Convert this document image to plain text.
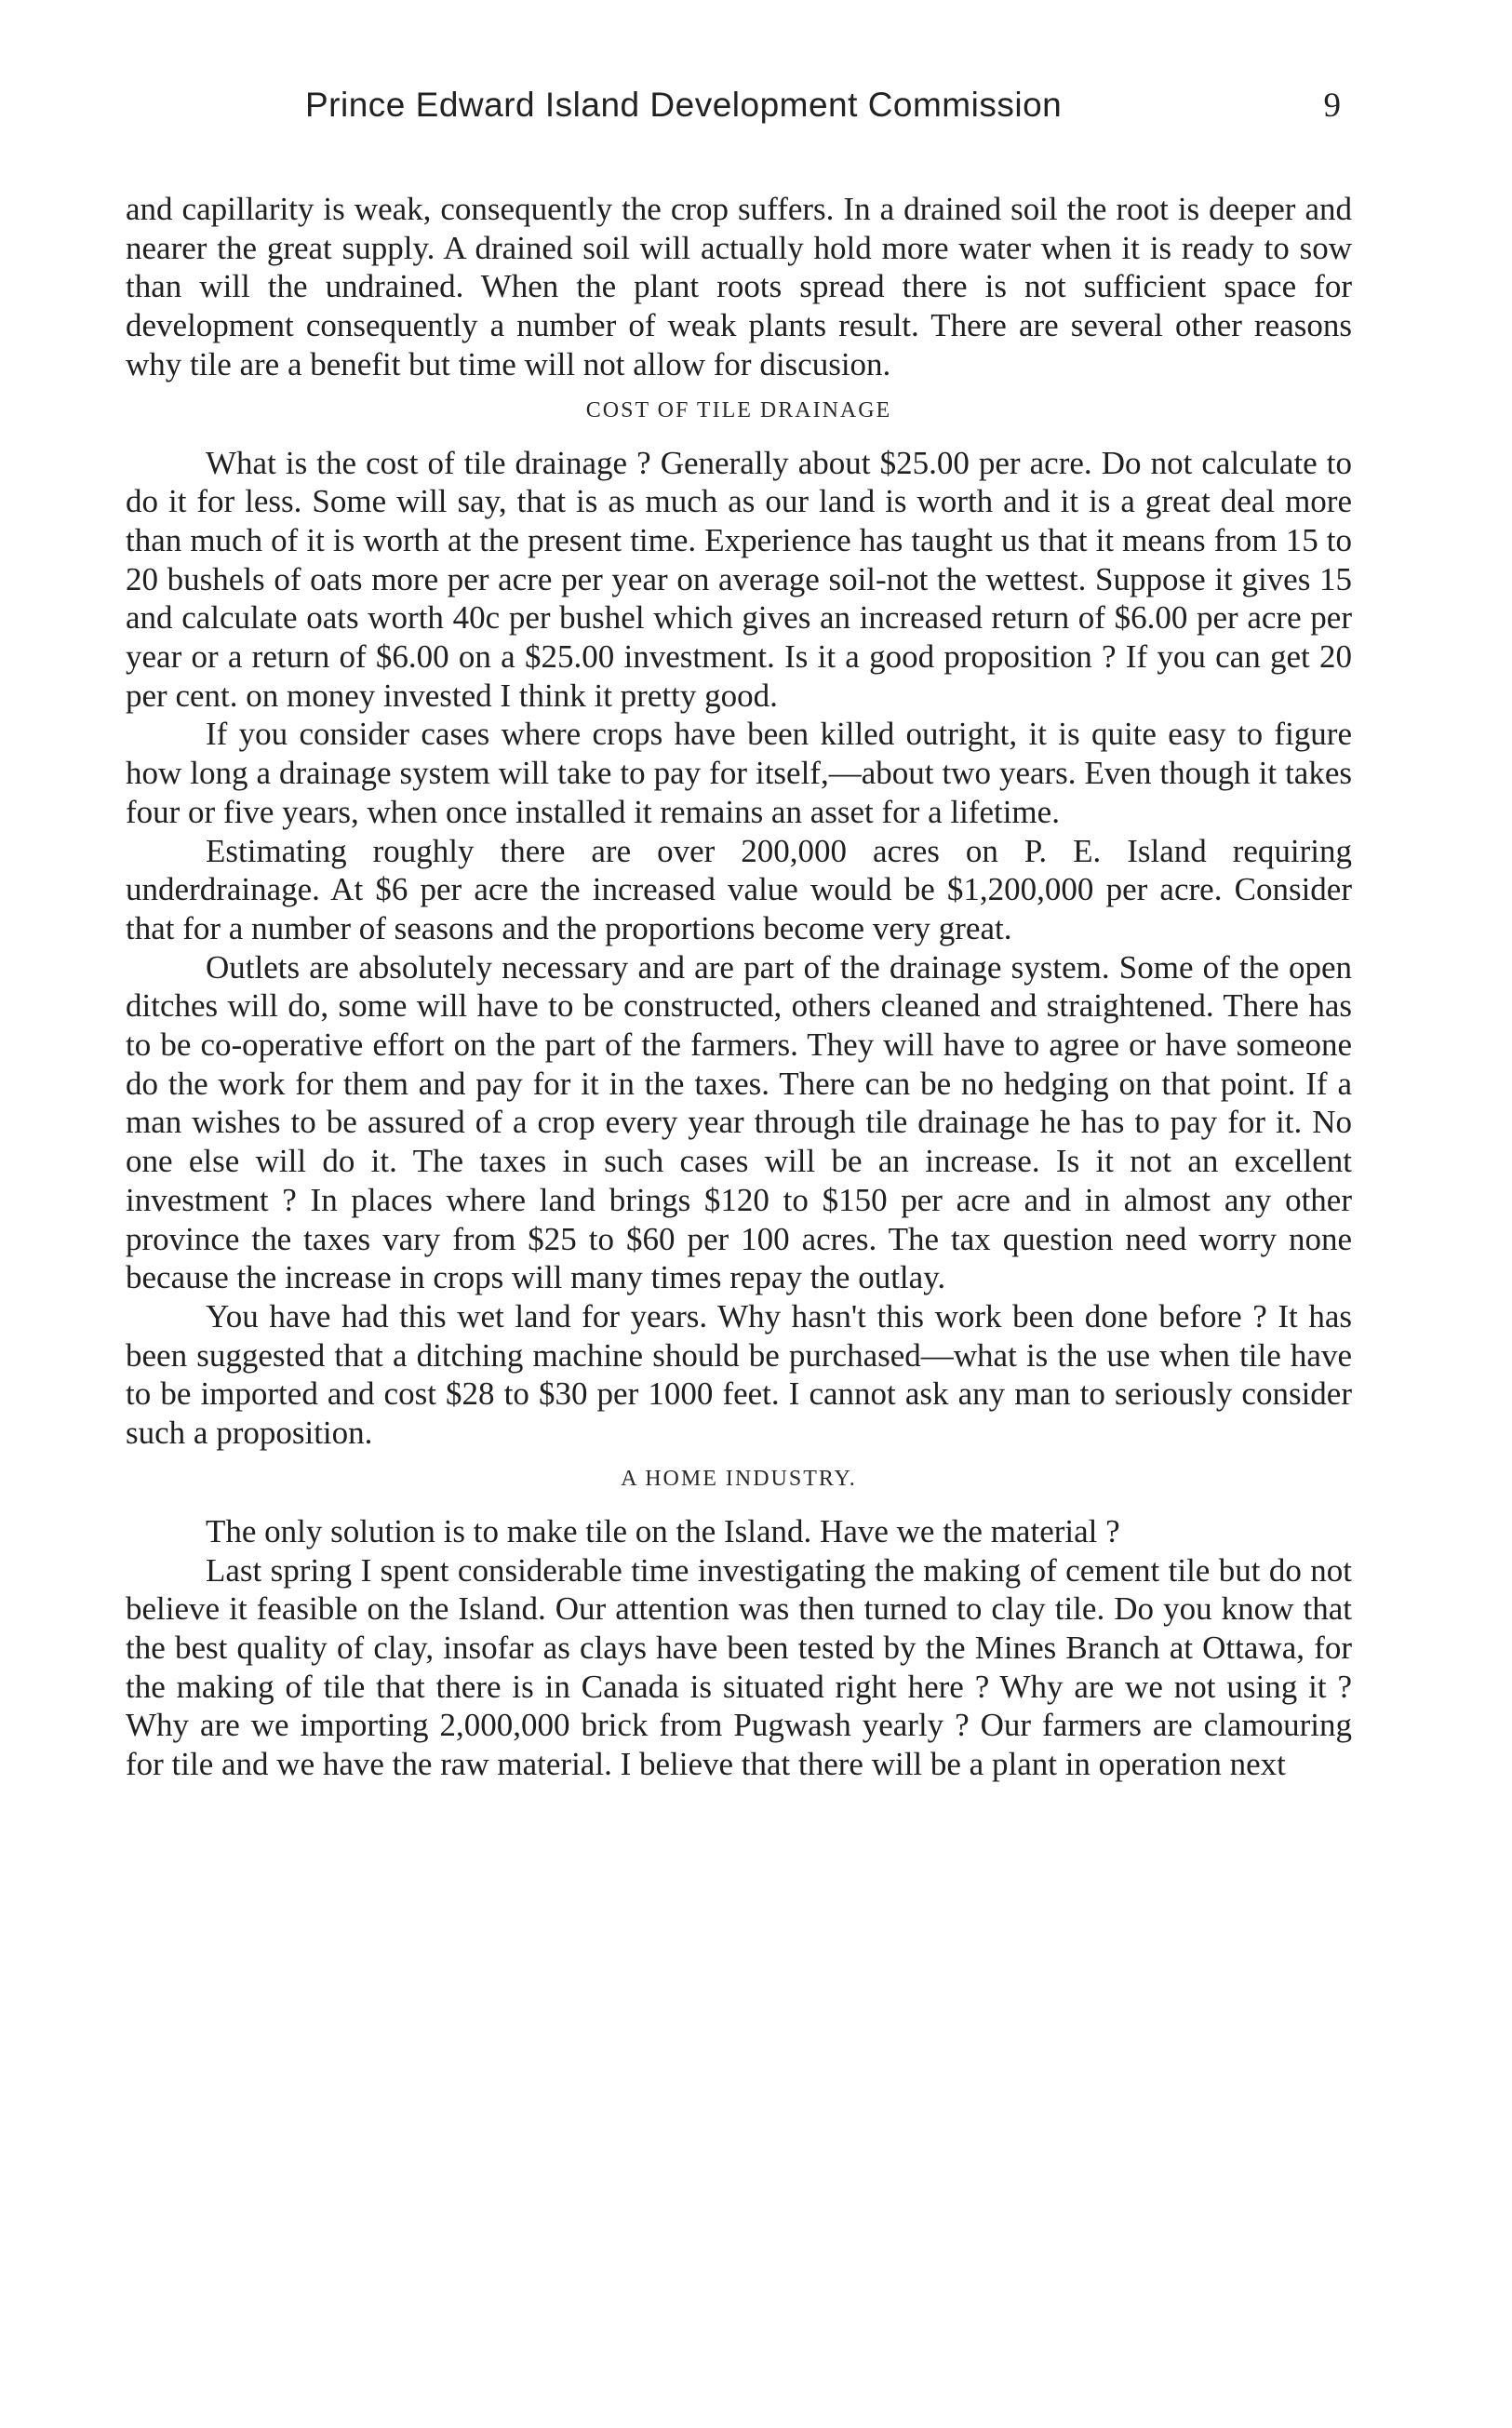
Prince Edward Island Development Commission	9

and capillarity is weak, consequently the crop suffers. In a drained soil the root is deeper and nearer the great supply. A drained soil will actually hold more water when it is ready to sow than will the undrained. When the plant roots spread there is not sufficient space for development consequently a number of weak plants result. There are several other reasons why tile are a benefit but time will not allow for discusion.

COST OF TILE DRAINAGE

What is the cost of tile drainage ? Generally about $25.00 per acre. Do not calculate to do it for less. Some will say, that is as much as our land is worth and it is a great deal more than much of it is worth at the present time. Experience has taught us that it means from 15 to 20 bushels of oats more per acre per year on average soil-not the wettest. Suppose it gives 15 and calculate oats worth 40c per bushel which gives an increased return of $6.00 per acre per year or a return of $6.00 on a $25.00 investment. Is it a good proposition ? If you can get 20 per cent. on money invested I think it pretty good.

If you consider cases where crops have been killed outright, it is quite easy to figure how long a drainage system will take to pay for itself,—about two years. Even though it takes four or five years, when once installed it remains an asset for a lifetime.

Estimating roughly there are over 200,000 acres on P. E. Island requiring underdrainage. At $6 per acre the increased value would be $1,200,000 per acre. Consider that for a number of seasons and the proportions become very great.

Outlets are absolutely necessary and are part of the drainage system. Some of the open ditches will do, some will have to be constructed, others cleaned and straightened. There has to be co-operative effort on the part of the farmers. They will have to agree or have someone do the work for them and pay for it in the taxes. There can be no hedging on that point. If a man wishes to be assured of a crop every year through tile drainage he has to pay for it. No one else will do it. The taxes in such cases will be an increase. Is it not an excellent investment ? In places where land brings $120 to $150 per acre and in almost any other province the taxes vary from $25 to $60 per 100 acres. The tax question need worry none because the increase in crops will many times repay the outlay.

You have had this wet land for years. Why hasn't this work been done before ? It has been suggested that a ditching machine should be purchased—what is the use when tile have to be imported and cost $28 to $30 per 1000 feet. I cannot ask any man to seriously consider such a proposition.

A HOME INDUSTRY.

The only solution is to make tile on the Island. Have we the material ?

Last spring I spent considerable time investigating the making of cement tile but do not believe it feasible on the Island. Our attention was then turned to clay tile. Do you know that the best quality of clay, insofar as clays have been tested by the Mines Branch at Ottawa, for the making of tile that there is in Canada is situated right here ? Why are we not using it ? Why are we importing 2,000,000 brick from Pugwash yearly ? Our farmers are clamouring for tile and we have the raw material. I believe that there will be a plant in operation next
